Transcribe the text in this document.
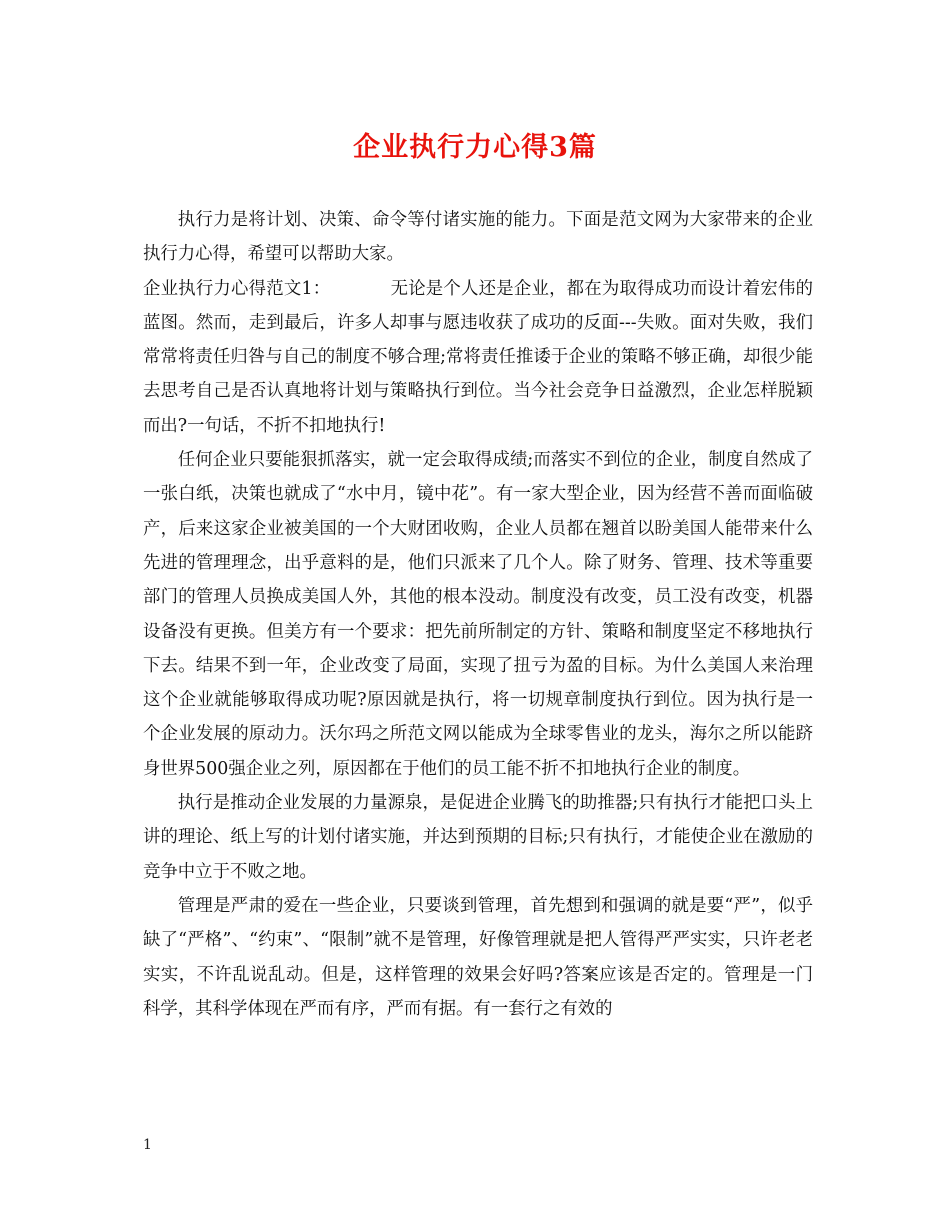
企业执行力心得3篇

执行力是将计划、决策、命令等付诸实施的能力。下面是范文网为大家带来的企业执行力心得，希望可以帮助大家。

企业执行力心得范文1：	无论是个人还是企业，都在为取得成功而设计着宏伟的蓝图。然而，走到最后，许多人却事与愿违收获了成功的反面---失败。面对失败，我们常常将责任归咎与自己的制度不够合理;常将责任推诿于企业的策略不够正确，却很少能去思考自己是否认真地将计划与策略执行到位。当今社会竞争日益激烈，企业怎样脱颖而出?一句话，不折不扣地执行!

任何企业只要能狠抓落实，就一定会取得成绩;而落实不到位的企业，制度自然成了一张白纸，决策也就成了“水中月，镜中花”。有一家大型企业，因为经营不善而面临破产，后来这家企业被美国的一个大财团收购，企业人员都在翘首以盼美国人能带来什么先进的管理理念，出乎意料的是，他们只派来了几个人。除了财务、管理、技术等重要部门的管理人员换成美国人外，其他的根本没动。制度没有改变，员工没有改变，机器设备没有更换。但美方有一个要求：把先前所制定的方针、策略和制度坚定不移地执行下去。结果不到一年，企业改变了局面，实现了扭亏为盈的目标。为什么美国人来治理这个企业就能够取得成功呢?原因就是执行，将一切规章制度执行到位。因为执行是一个企业发展的原动力。沃尔玛之所范文网以能成为全球零售业的龙头，海尔之所以能跻身世界500强企业之列，原因都在于他们的员工能不折不扣地执行企业的制度。

执行是推动企业发展的力量源泉，是促进企业腾飞的助推器;只有执行才能把口头上讲的理论、纸上写的计划付诸实施，并达到预期的目标;只有执行，才能使企业在激励的竞争中立于不败之地。

管理是严肃的爱在一些企业，只要谈到管理，首先想到和强调的就是要“严”，似乎缺了“严格”、“约束”、“限制”就不是管理，好像管理就是把人管得严严实实，只许老老实实，不许乱说乱动。但是，这样管理的效果会好吗?答案应该是否定的。管理是一门科学，其科学体现在严而有序，严而有据。有一套行之有效的

1
